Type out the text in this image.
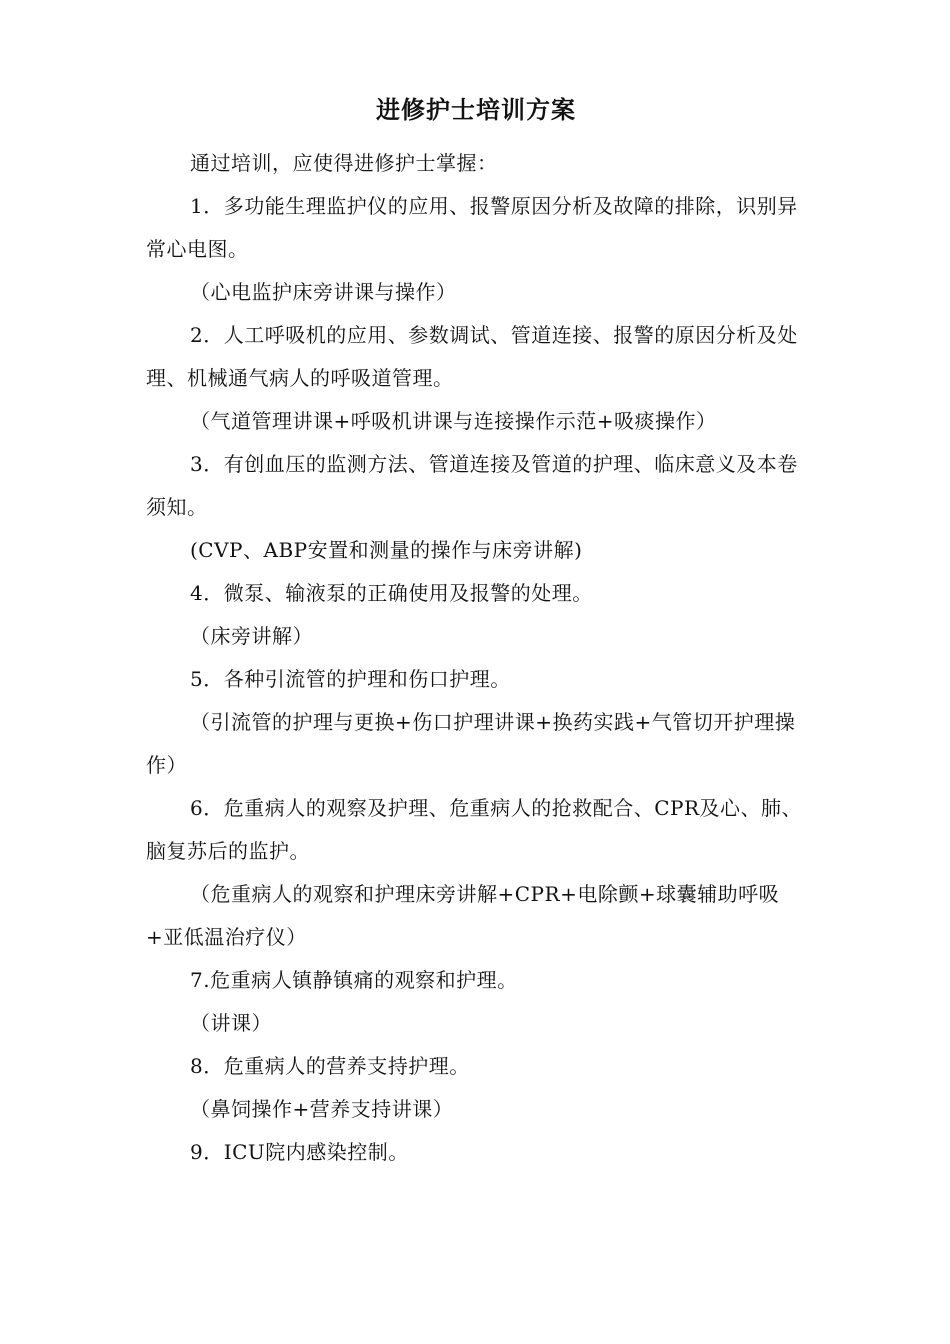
进修护士培训方案

通过培训，应使得进修护士掌握：

1．多功能生理监护仪的应用、报警原因分析及故障的排除，识别异常心电图。

（心电监护床旁讲课与操作）

2．人工呼吸机的应用、参数调试、管道连接、报警的原因分析及处理、机械通气病人的呼吸道管理。

（气道管理讲课+呼吸机讲课与连接操作示范+吸痰操作）

3．有创血压的监测方法、管道连接及管道的护理、临床意义及本卷须知。

(CVP、ABP安置和测量的操作与床旁讲解)

4．微泵、输液泵的正确使用及报警的处理。

（床旁讲解）

5．各种引流管的护理和伤口护理。

（引流管的护理与更换+伤口护理讲课+换药实践+气管切开护理操作）

6．危重病人的观察及护理、危重病人的抢救配合、CPR及心、肺、脑复苏后的监护。

（危重病人的观察和护理床旁讲解+CPR+电除颤+球囊辅助呼吸+亚低温治疗仪）

7.危重病人镇静镇痛的观察和护理。

（讲课）

8．危重病人的营养支持护理。

（鼻饲操作+营养支持讲课）

9．ICU院内感染控制。
